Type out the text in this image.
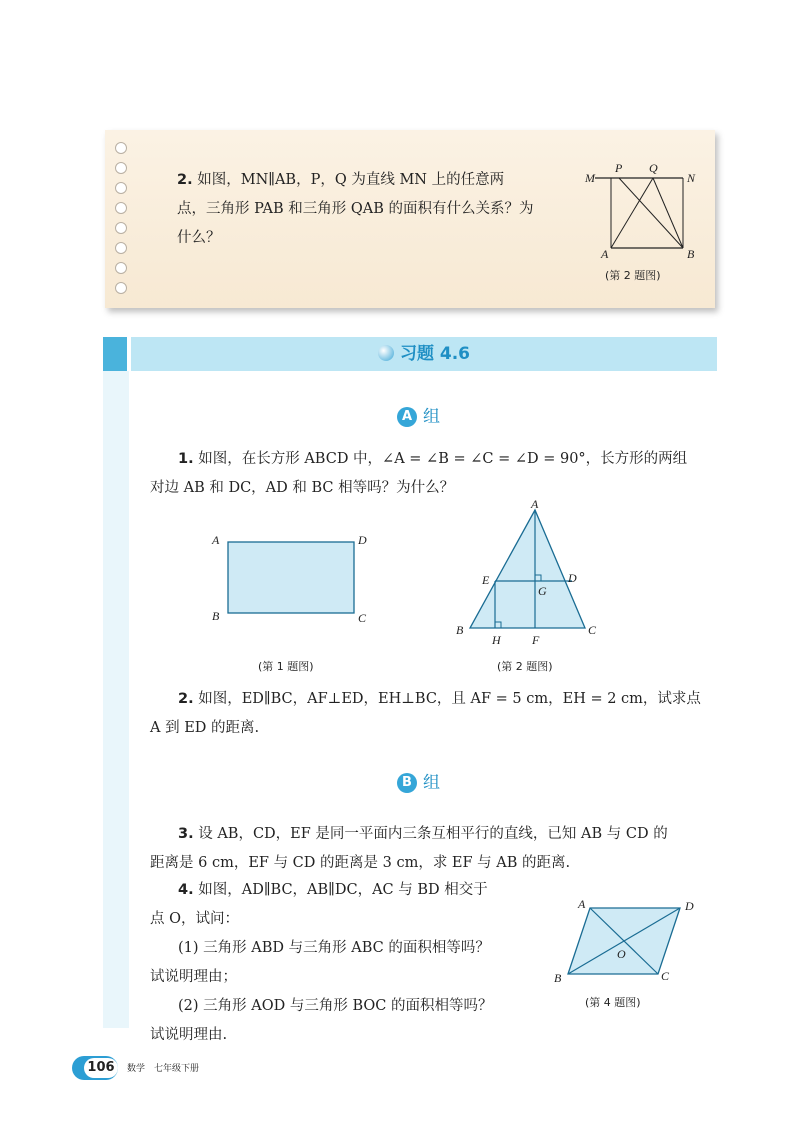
2. 如图，MN∥AB，P，Q 为直线 MN 上的任意两
点，三角形 PAB 和三角形 QAB 的面积有什么关系？为
什么？
M
P Q
N
A	B
(第 2 题图)
习题 4.6
A 组
1. 如图，在长方形 ABCD 中，∠A = ∠B = ∠C = ∠D = 90°，长方形的两组
对边 AB 和 DC，AD 和 BC 相等吗？为什么？
A	D
B	C
(第 1 题图)
A
E	D
G
B	C
H	F
(第 2 题图)
2. 如图，ED∥BC，AF⊥ED，EH⊥BC，且 AF = 5 cm，EH = 2 cm，试求点
A 到 ED 的距离.
B 组
3. 设 AB，CD，EF 是同一平面内三条互相平行的直线，已知 AB 与 CD 的
距离是 6 cm，EF 与 CD 的距离是 3 cm，求 EF 与 AB 的距离.
4. 如图，AD∥BC，AB∥DC，AC 与 BD 相交于
点 O，试问：
(1) 三角形 ABD 与三角形 ABC 的面积相等吗？
试说明理由；
(2) 三角形 AOD 与三角形 BOC 的面积相等吗？
试说明理由.
A	D
B	C
O
(第 4 题图)
106	数学　七年级下册
